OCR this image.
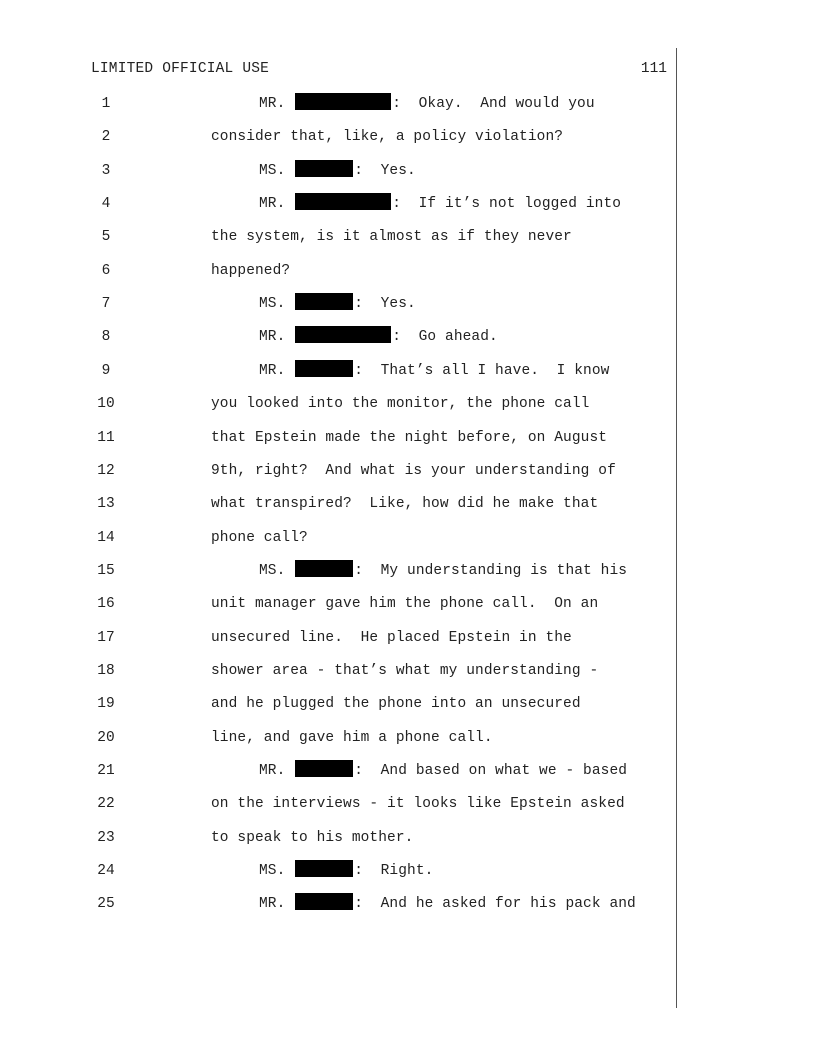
LIMITED OFFICIAL USE	111
1	MR.	:  Okay.  And would you
2	consider that, like, a policy violation?
3	MS.	:  Yes.
4	MR.	:  If it’s not logged into
5	the system, is it almost as if they never
6	happened?
7	MS.	:  Yes.
8	MR.	:  Go ahead.
9	MR.	:  That’s all I have.  I know
10	you looked into the monitor, the phone call
11	that Epstein made the night before, on August
12	9th, right?  And what is your understanding of
13	what transpired?  Like, how did he make that
14	phone call?
15	MS.	:  My understanding is that his
16	unit manager gave him the phone call.  On an
17	unsecured line.  He placed Epstein in the
18	shower area - that’s what my understanding -
19	and he plugged the phone into an unsecured
20	line, and gave him a phone call.
21	MR.	:  And based on what we - based
22	on the interviews - it looks like Epstein asked
23	to speak to his mother.
24	MS.	:  Right.
25	MR.	:  And he asked for his pack and
